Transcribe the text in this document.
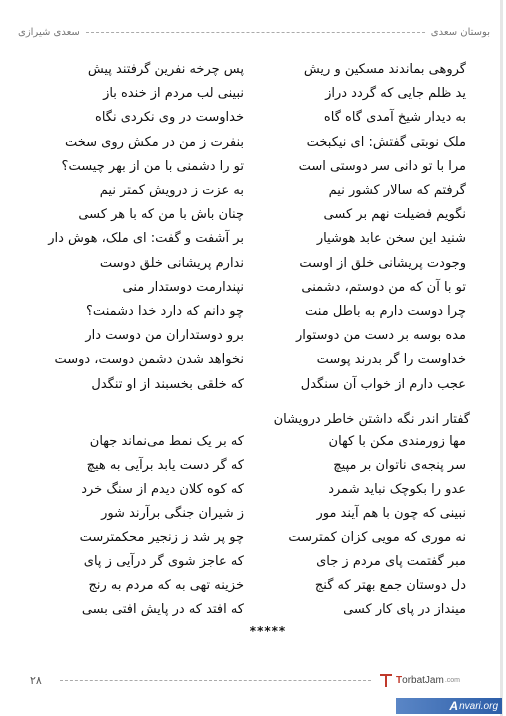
بوستان سعدی
سعدی شیرازی
گروهی بماندند مسکین و ریش
پس چرخه نفرین گرفتند پیش
ید ظلم جایی که گردد دراز
نبینی لب مردم از خنده باز
به دیدار شیخ آمدی گاه گاه
خداوست در وی نکردی نگاه
ملک نوبتی گفتش: ای نیکبخت
بنفرت ز من در مکش روی سخت
مرا با تو دانی سر دوستی است
تو را دشمنی با من از بهر چیست؟
گرفتم که سالار کشور نیم
به عزت ز درویش کمتر نیم
نگویم فضیلت نهم بر کسی
چنان باش با من که با هر کسی
شنید این سخن عابد هوشیار
بر آشفت و گفت: ای ملک، هوش دار
وجودت پریشانی خلق از اوست
ندارم پریشانی خلق دوست
تو با آن که من دوستم، دشمنی
نپندارمت دوستدار منی
چرا دوست دارم به باطل منت
چو دانم که دارد خدا دشمنت؟
مده بوسه بر دست من دوستوار
برو دوستداران من دوست دار
خداوست را گر بدرند پوست
نخواهد شدن دشمن دوست، دوست
عجب دارم از خواب آن سنگدل
که خلقی بخسبند از او تنگدل
گفتار اندر نگه داشتن خاطر درویشان
مها زورمندی مکن با کهان
که بر یک نمط می‌نماند جهان
سر پنجه‌ی ناتوان بر مپیچ
که گر دست یابد برآیی به هیچ
عدو را بکوچک نباید شمرد
که کوه کلان دیدم از سنگ خرد
نبینی که چون با هم آیند مور
ز شیران جنگی برآرند شور
نه موری که مویی کزان کمترست
چو پر شد ز زنجیر محکمترست
مبر گفتمت پای مردم ز جای
که عاجز شوی گر درآیی ز پای
دل دوستان جمع بهتر که گنج
خزینه تهی به که مردم به رنج
مینداز در پای کار کسی
که افتد که در پایش افتی بسی
*****
۲۸	T orbatJam .com
A nvari.org
